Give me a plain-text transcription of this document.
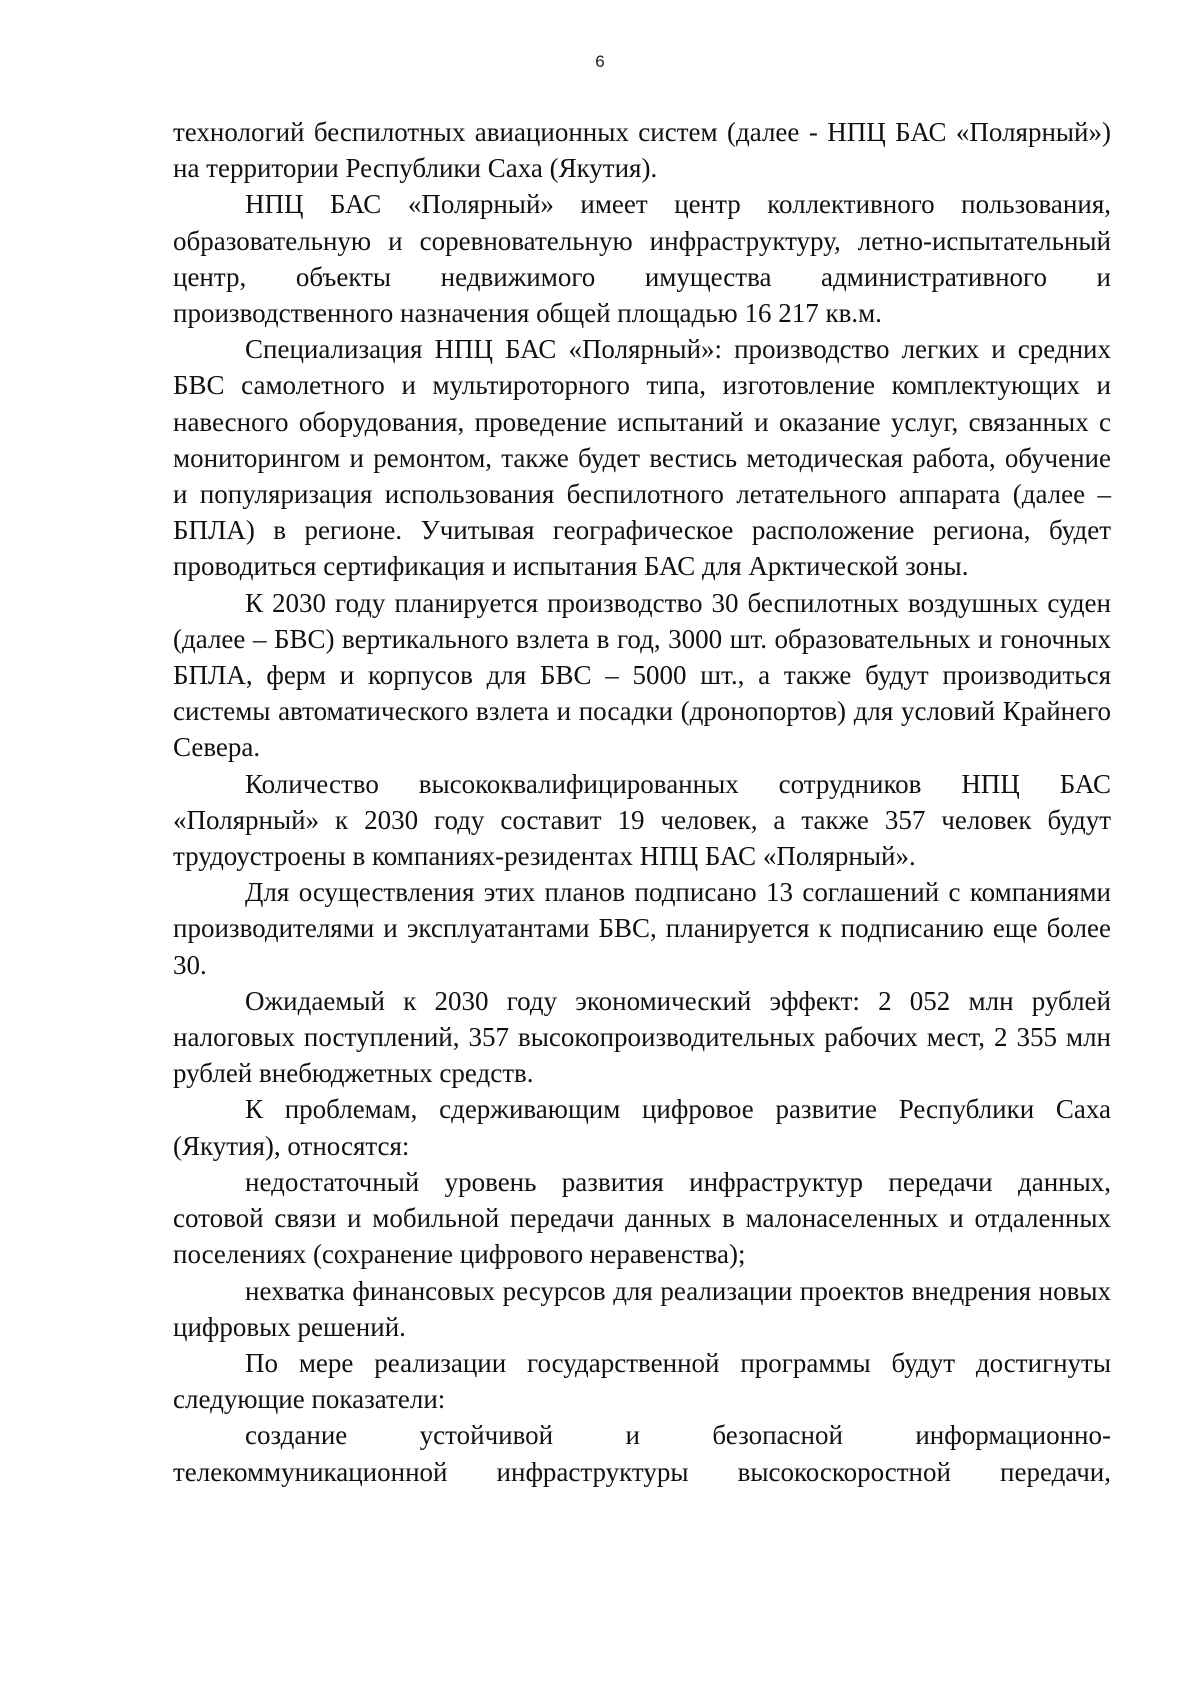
6

технологий беспилотных авиационных систем (далее - НПЦ БАС «Полярный») на территории Республики Саха (Якутия).

НПЦ БАС «Полярный» имеет центр коллективного пользования, образовательную и соревновательную инфраструктуру, летно-испытательный центр, объекты недвижимого имущества административного и производственного назначения общей площадью 16 217 кв.м.

Специализация НПЦ БАС «Полярный»: производство легких и средних БВС самолетного и мультироторного типа, изготовление комплектующих и навесного оборудования, проведение испытаний и оказание услуг, связанных с мониторингом и ремонтом, также будет вестись методическая работа, обучение и популяризация использования беспилотного летательного аппарата (далее – БПЛА) в регионе. Учитывая географическое расположение региона, будет проводиться сертификация и испытания БАС для Арктической зоны.

К 2030 году планируется производство 30 беспилотных воздушных суден (далее – БВС) вертикального взлета в год, 3000 шт. образовательных и гоночных БПЛА, ферм и корпусов для БВС – 5000 шт., а также будут производиться системы автоматического взлета и посадки (дронопортов) для условий Крайнего Севера.

Количество высококвалифицированных сотрудников НПЦ БАС «Полярный» к 2030 году составит 19 человек, а также 357 человек будут трудоустроены в компаниях-резидентах НПЦ БАС «Полярный».

Для осуществления этих планов подписано 13 соглашений с компаниями производителями и эксплуатантами БВС, планируется к подписанию еще более 30.

Ожидаемый к 2030 году экономический эффект: 2 052 млн рублей налоговых поступлений, 357 высокопроизводительных рабочих мест, 2 355 млн рублей внебюджетных средств.

К проблемам, сдерживающим цифровое развитие Республики Саха (Якутия), относятся:

недостаточный уровень развития инфраструктур передачи данных, сотовой связи и мобильной передачи данных в малонаселенных и отдаленных поселениях (сохранение цифрового неравенства);

нехватка финансовых ресурсов для реализации проектов внедрения новых цифровых решений.

По мере реализации государственной программы будут достигнуты следующие показатели:

создание устойчивой и безопасной информационно-телекоммуникационной инфраструктуры высокоскоростной передачи,
